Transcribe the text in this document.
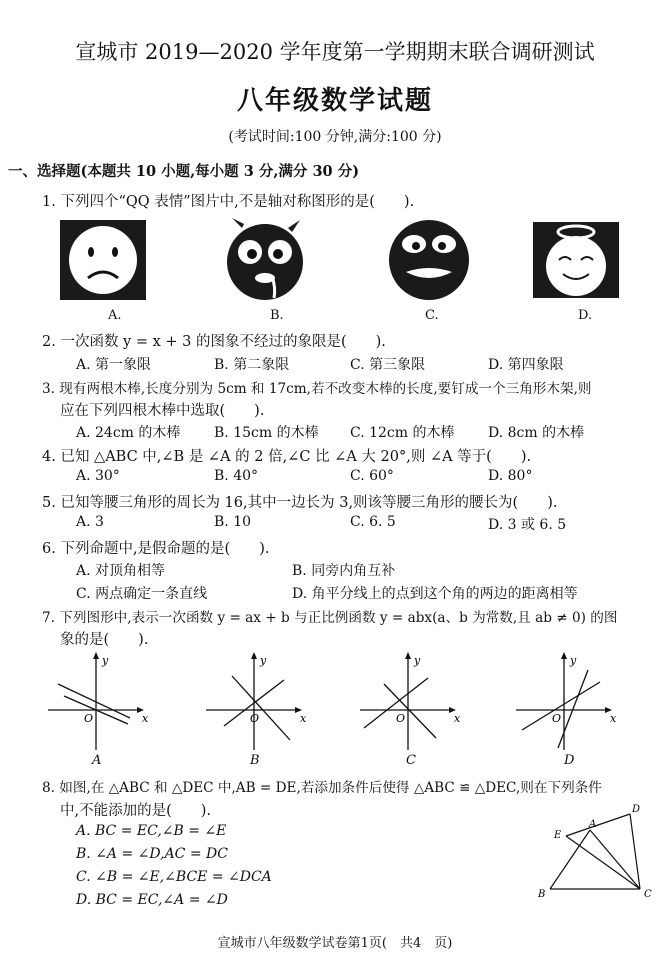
宣城市 2019—2020 学年度第一学期期末联合调研测试
八年级数学试题
(考试时间:100 分钟,满分:100 分)
一、选择题(本题共 10 小题,每小题 3 分,满分 30 分)
1. 下列四个“QQ 表情”图片中,不是轴对称图形的是(　　).
A.	B.	C.	D.
2. 一次函数 y = x + 3 的图象不经过的象限是(　　).
A. 第一象限	B. 第二象限	C. 第三象限	D. 第四象限
3. 现有两根木棒,长度分别为 5cm 和 17cm,若不改变木棒的长度,要钉成一个三角形木架,则
应在下列四根木棒中选取(　　).
A. 24cm 的木棒 B. 15cm 的木棒 C. 12cm 的木棒 D. 8cm 的木棒
4. 已知 △ABC 中,∠B 是 ∠A 的 2 倍,∠C 比 ∠A 大 20°,则 ∠A 等于(　　).
A. 30°	B. 40°	C. 60°	D. 80°
5. 已知等腰三角形的周长为 16,其中一边长为 3,则该等腰三角形的腰长为(　　).
A. 3	B. 10	C. 6. 5	D. 3 或 6. 5
6. 下列命题中,是假命题的是(　　).
A. 对顶角相等	B. 同旁内角互补
C. 两点确定一条直线	D. 角平分线上的点到这个角的两边的距离相等
7. 下列图形中,表示一次函数 y = ax + b 与正比例函数 y = abx(a、b 为常数,且 ab ≠ 0) 的图
象的是(　　).
y
x
O
y
x
O
y
x
O
y
x
O
A	B	C	D
8. 如图,在 △ABC 和 △DEC 中,AB = DE,若添加条件后使得 △ABC ≌ △DEC,则在下列条件
中,不能添加的是(　　).
A. BC = EC,∠B = ∠E
B. ∠A = ∠D,AC = DC
C. ∠B = ∠E,∠BCE = ∠DCA
D. BC = EC,∠A = ∠D
A
B	C
D
E
宣城市八年级数学试卷第1页(　共4　页)
